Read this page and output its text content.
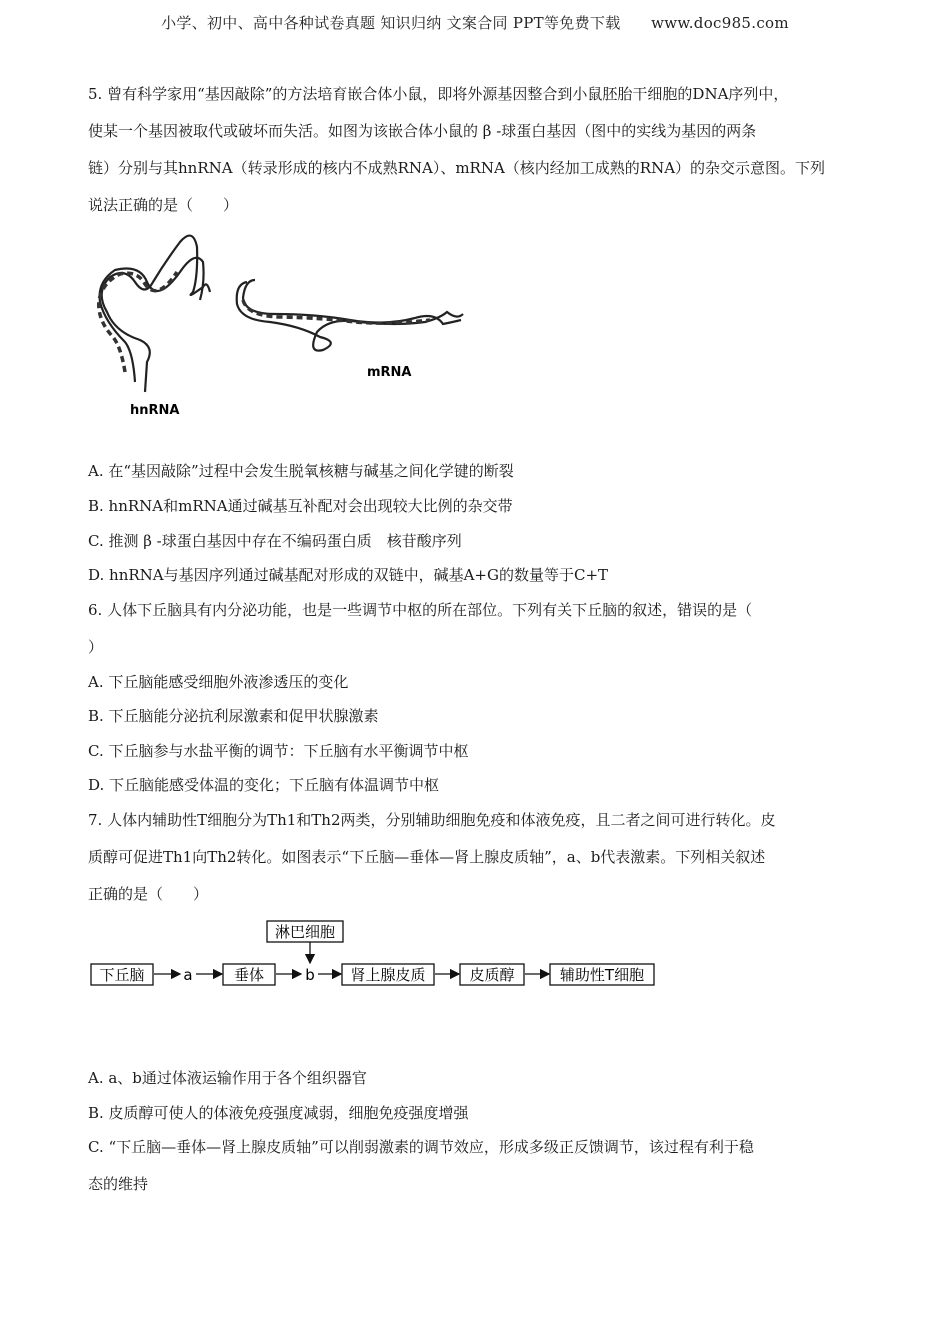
小学、初中、高中各种试卷真题 知识归纳 文案合同 PPT等免费下载　　www.doc985.com
5. 曾有科学家用“基因敲除”的方法培育嵌合体小鼠，即将外源基因整合到小鼠胚胎干细胞的DNA序列中，
使某一个基因被取代或破坏而失活。如图为该嵌合体小鼠的 β -球蛋白基因（图中的实线为基因的两条
链）分别与其hnRNA（转录形成的核内不成熟RNA）、mRNA（核内经加工成熟的RNA）的杂交示意图。下列
说法正确的是（　　）
hnRNA
mRNA
A. 在“基因敲除”过程中会发生脱氧核糖与碱基之间化学键的断裂
B. hnRNA和mRNA通过碱基互补配对会出现较大比例的杂交带
C. 推测 β -球蛋白基因中存在不编码蛋白质　核苷酸序列
D. hnRNA与基因序列通过碱基配对形成的双链中，碱基A+G的数量等于C+T
6. 人体下丘脑具有内分泌功能，也是一些调节中枢的所在部位。下列有关下丘脑的叙述，错误的是（
）
A. 下丘脑能感受细胞外液渗透压的变化
B. 下丘脑能分泌抗利尿激素和促甲状腺激素
C. 下丘脑参与水盐平衡的调节：下丘脑有水平衡调节中枢
D. 下丘脑能感受体温的变化；下丘脑有体温调节中枢
7. 人体内辅助性T细胞分为Th1和Th2两类，分别辅助细胞免疫和体液免疫，且二者之间可进行转化。皮
质醇可促进Th1向Th2转化。如图表示“下丘脑—垂体—肾上腺皮质轴”，a、b代表激素。下列相关叙述
正确的是（　　）
淋巴细胞
下丘脑	a	垂体	b 肾上腺皮质	皮质醇	辅助性T细胞
A. a、b通过体液运输作用于各个组织器官
B. 皮质醇可使人的体液免疫强度减弱，细胞免疫强度增强
C. “下丘脑—垂体—肾上腺皮质轴”可以削弱激素的调节效应，形成多级正反馈调节，该过程有利于稳
态的维持
